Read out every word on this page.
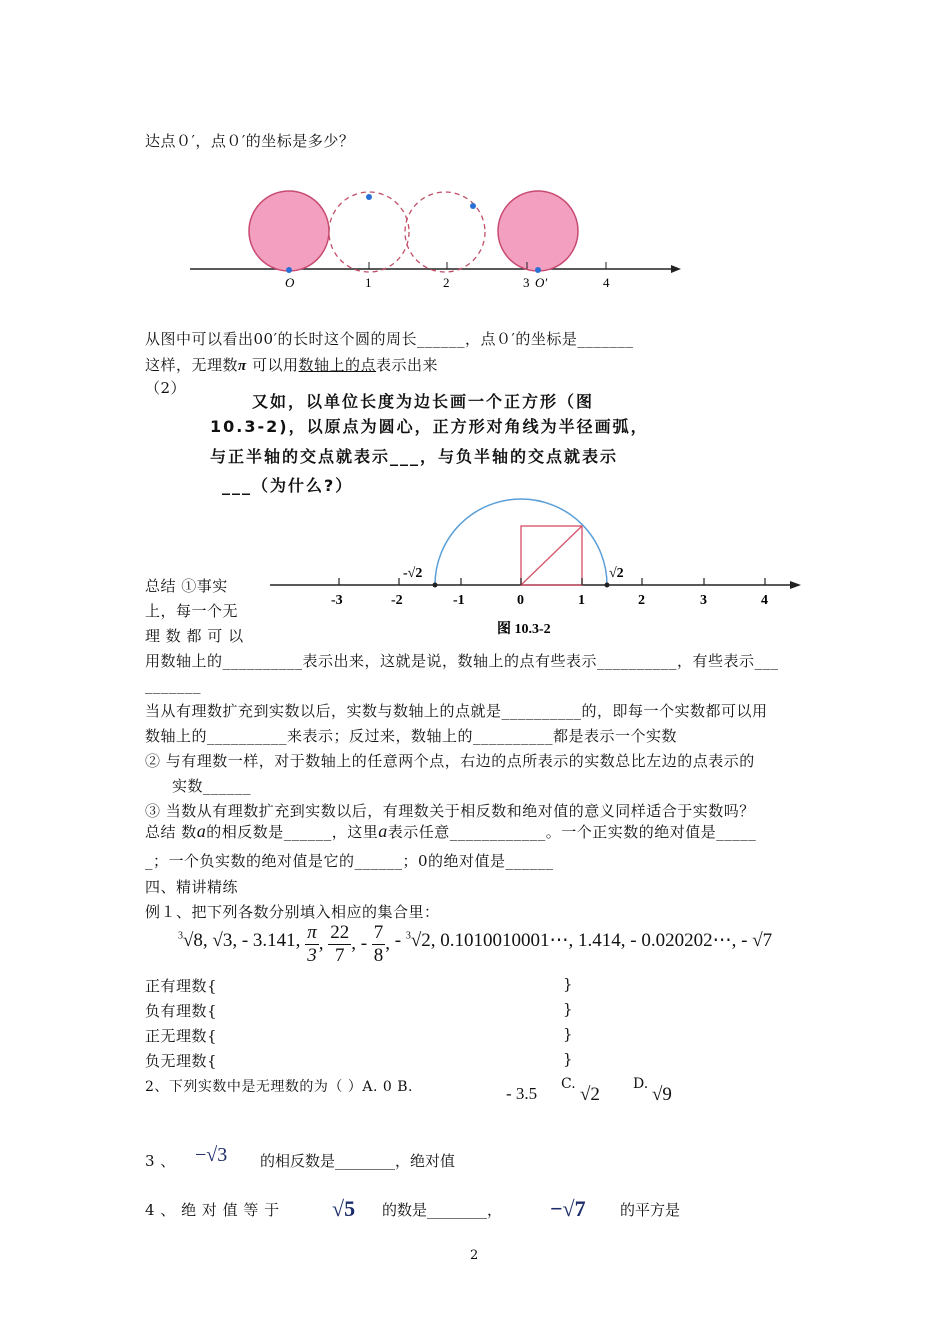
达点０′，点０′的坐标是多少？
O	1	2	3 O′	4
从图中可以看出00′的长时这个圆的周长______，点０′的坐标是_______
这样，无理数π 可以用数轴上的点表示出来
（2）
又如，以单位长度为边长画一个正方形（图
10.3-2)，以原点为圆心，正方形对角线为半径画弧，
与正半轴的交点就表示___，与负半轴的交点就表示
___（为什么?）
-3	-2	-1	0	1	2	3	4
-√2	√2
图 10.3-2
总结 ①事实
上，每一个无
理 数 都 可 以
用数轴上的__________表示出来，这就是说，数轴上的点有些表示__________，有些表示___
_______
当从有理数扩充到实数以后，实数与数轴上的点就是__________的，即每一个实数都可以用
数轴上的__________来表示；反过来，数轴上的__________都是表示一个实数
② 与有理数一样，对于数轴上的任意两个点，右边的点所表示的实数总比左边的点表示的
实数______
③ 当数从有理数扩充到实数以后，有理数关于相反数和绝对值的意义同样适合于实数吗？
总结 数a的相反数是______，这里a表示任意____________。一个正实数的绝对值是_____
_；一个负实数的绝对值是它的______；0的绝对值是______
四、精讲精练
例１、把下列各数分别填入相应的集合里：
$^3$√8, √3, - 3.141, $\frac{\pi}{3}$ , $\frac{22}{7}$ , - $\frac{7}{8}$ , - $^3$√2, 0.1010010001⋯, 1.414, - 0.020202⋯, - √7
正有理数{	}
负有理数{	}
正无理数{	}
负无理数{	}
2、下列实数中是无理数的为（ ）A. 0 B.	- 3.5 C. √2 D. √9
3 、 −√3 的相反数是________，绝对值
4 、 绝 对 值 等 于 √5 的数是________， −√7 的平方是
2
